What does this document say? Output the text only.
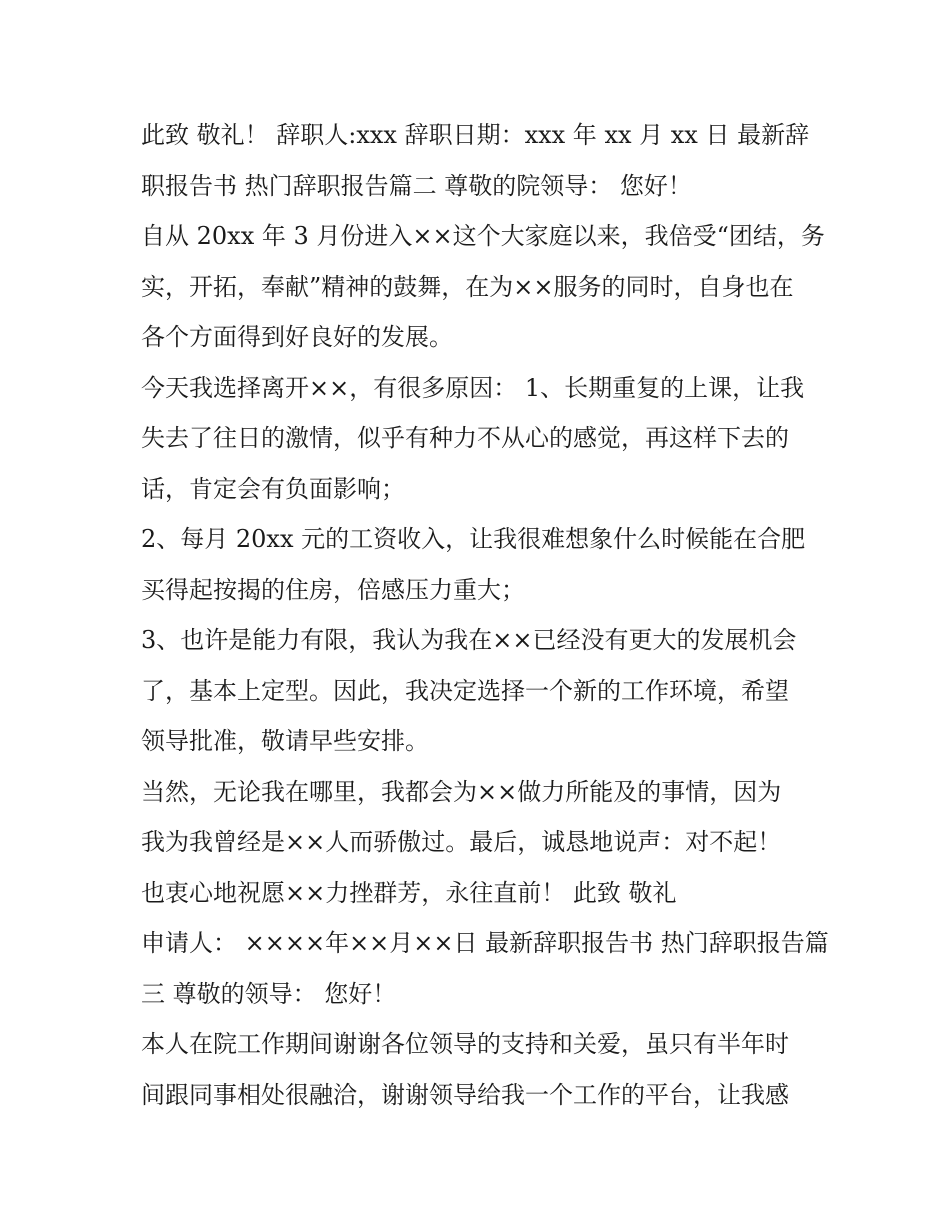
此致 敬礼！ 辞职人:xxx 辞职日期：xxx 年 xx 月 xx 日 最新辞
职报告书 热门辞职报告篇二 尊敬的院领导： 您好！
自从 20xx 年 3 月份进入××这个大家庭以来，我倍受“团结，务
实，开拓，奉献”精神的鼓舞，在为××服务的同时，自身也在
各个方面得到好良好的发展。
今天我选择离开××，有很多原因： 1、长期重复的上课，让我
失去了往日的激情，似乎有种力不从心的感觉，再这样下去的
话，肯定会有负面影响；
2、每月 20xx 元的工资收入，让我很难想象什么时候能在合肥
买得起按揭的住房，倍感压力重大；
3、也许是能力有限，我认为我在××已经没有更大的发展机会
了，基本上定型。因此，我决定选择一个新的工作环境，希望
领导批准，敬请早些安排。
当然，无论我在哪里，我都会为××做力所能及的事情，因为
我为我曾经是××人而骄傲过。最后，诚恳地说声：对不起！
也衷心地祝愿××力挫群芳，永往直前！ 此致 敬礼
申请人： ××××年××月××日 最新辞职报告书 热门辞职报告篇
三 尊敬的领导： 您好！
本人在院工作期间谢谢各位领导的支持和关爱，虽只有半年时
间跟同事相处很融洽，谢谢领导给我一个工作的平台，让我感
